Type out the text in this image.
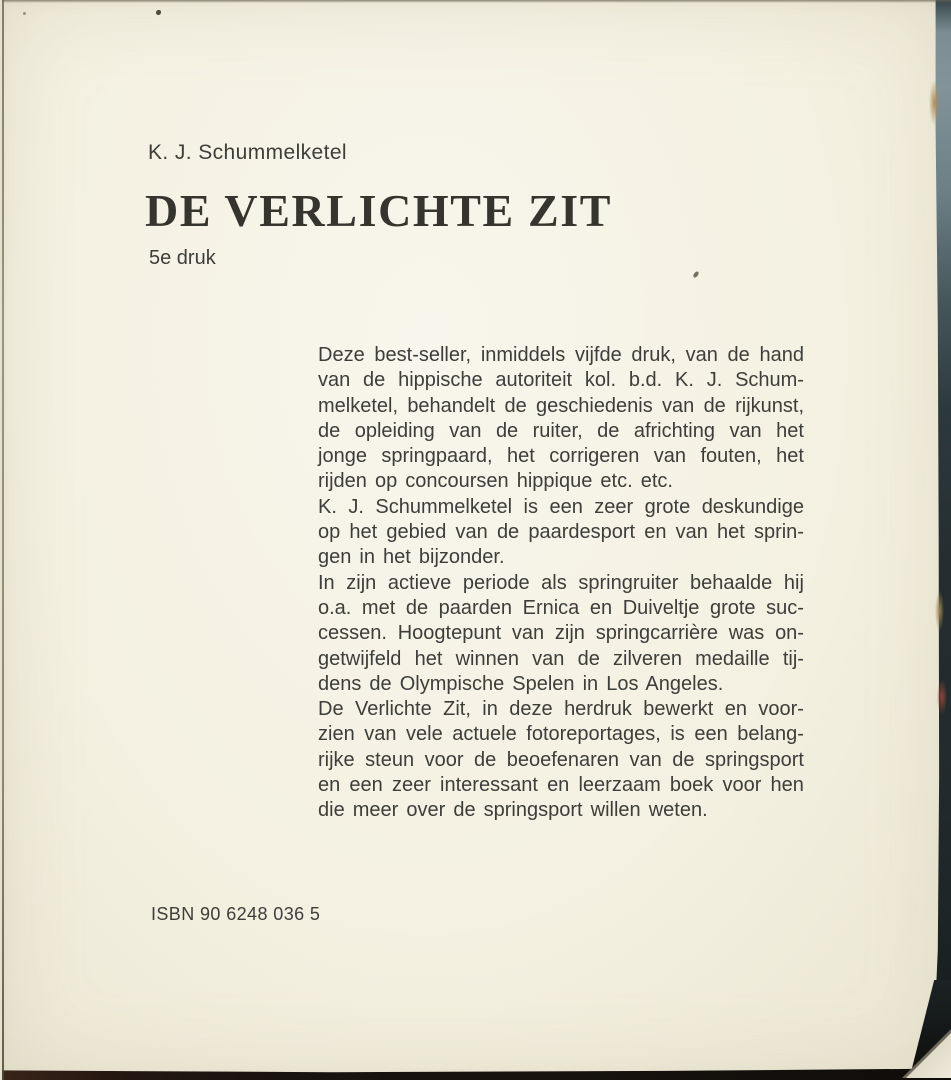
K. J. Schummelketel
DE VERLICHTE ZIT
5e druk
Deze best-seller, inmiddels vijfde druk, van de hand
van de hippische autoriteit kol. b.d. K. J. Schum-
melketel, behandelt de geschiedenis van de rijkunst,
de opleiding van de ruiter, de africhting van het
jonge springpaard, het corrigeren van fouten, het
rijden op concoursen hippique etc. etc.
K. J. Schummelketel is een zeer grote deskundige
op het gebied van de paardesport en van het sprin-
gen in het bijzonder.
In zijn actieve periode als springruiter behaalde hij
o.a. met de paarden Ernica en Duiveltje grote suc-
cessen. Hoogtepunt van zijn springcarrière was on-
getwijfeld het winnen van de zilveren medaille tij-
dens de Olympische Spelen in Los Angeles.
De Verlichte Zit, in deze herdruk bewerkt en voor-
zien van vele actuele fotoreportages, is een belang-
rijke steun voor de beoefenaren van de springsport
en een zeer interessant en leerzaam boek voor hen
die meer over de springsport willen weten.
ISBN 90 6248 036 5
